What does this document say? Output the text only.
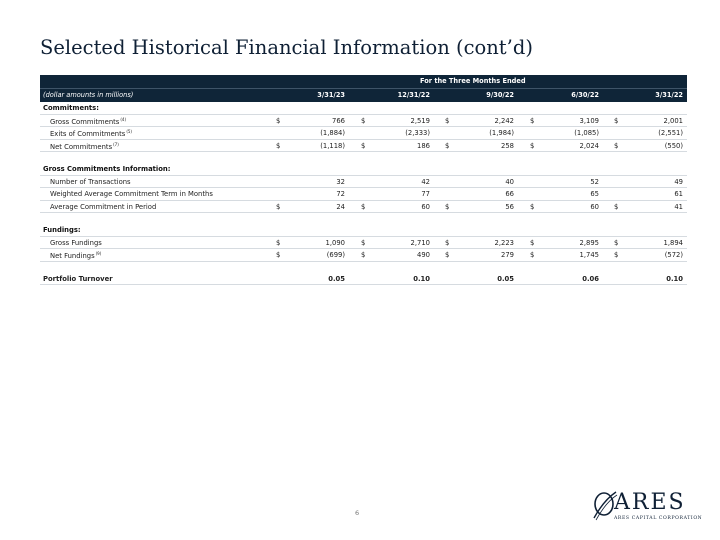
Selected Historical Financial Information (cont’d)
For the Three Months Ended
(dollar amounts in millions)	3/31/23	12/31/22	9/30/22	6/30/22	3/31/22
Commitments:
Gross Commitments$^{(4)}$	$	766 $	2,519 $	2,242 $	3,109 $	2,001
Exits of Commitments$^{(5)}$	(1,884)	(2,333)	(1,984)	(1,085)	(2,551)
Net Commitments$^{(7)}$	$	(1,118) $	186 $	258 $	2,024 $	(550)
Gross Commitments Information:
Number of Transactions	32	42	40	52	49
Weighted Average Commitment Term in Months	72	77	66	65	61
Average Commitment in Period	$	24 $	60 $	56 $	60 $	41
Fundings:
Gross Fundings	$	1,090 $	2,710 $	2,223 $	2,895 $	1,894
Net Fundings$^{(9)}$	$	(699) $	490 $	279 $	1,745 $	(572)
Portfolio Turnover	0.05	0.10	0.05	0.06	0.10
6	ARES
ARES CAPITAL CORPORATION
